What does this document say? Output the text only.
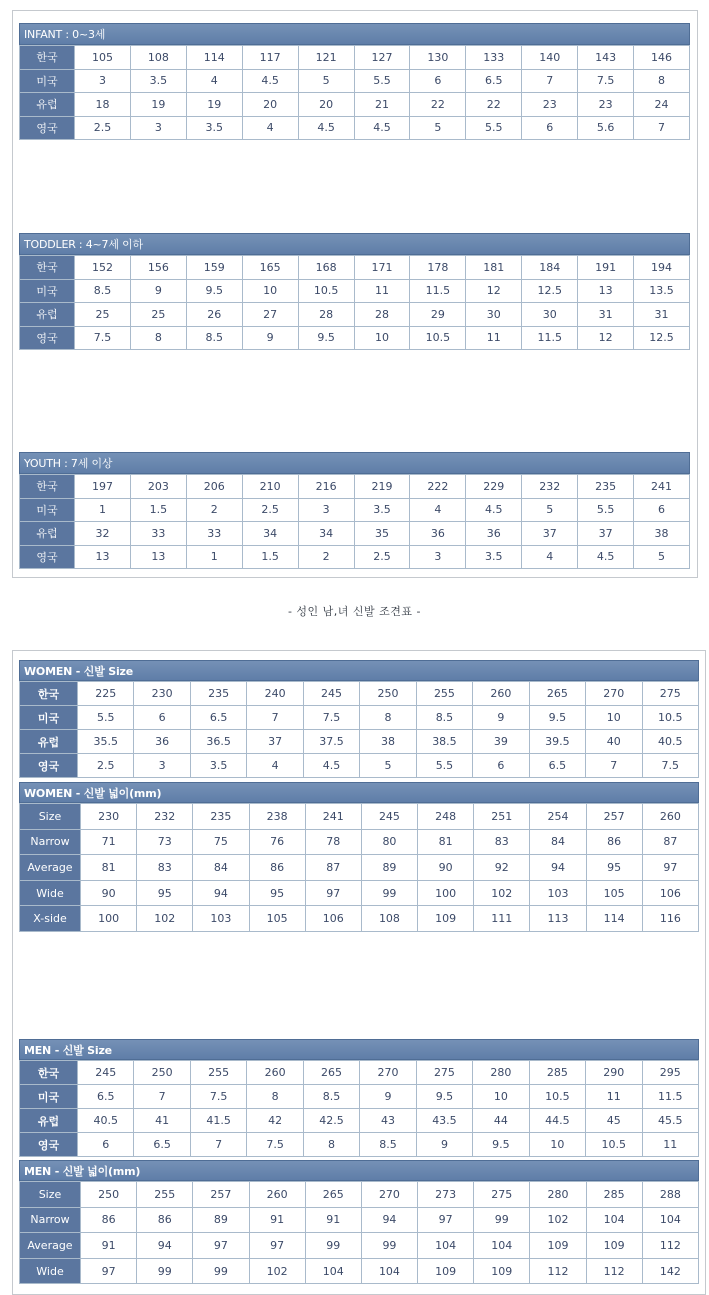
INFANT : 0~3세
한국	105	108	114	117	121	127	130	133	140	143	146
미국	3	3.5	4	4.5	5	5.5	6	6.5	7	7.5	8
유럽	18	19	19	20	20	21	22	22	23	23	24
영국	2.5	3	3.5	4	4.5	4.5	5	5.5	6	5.6	7
TODDLER : 4~7세 이하
한국	152	156	159	165	168	171	178	181	184	191	194
미국	8.5	9	9.5	10	10.5	11	11.5	12	12.5	13	13.5
유럽	25	25	26	27	28	28	29	30	30	31	31
영국	7.5	8	8.5	9	9.5	10	10.5	11	11.5	12	12.5
YOUTH : 7세 이상
한국	197	203	206	210	216	219	222	229	232	235	241
미국	1	1.5	2	2.5	3	3.5	4	4.5	5	5.5	6
유럽	32	33	33	34	34	35	36	36	37	37	38
영국	13	13	1	1.5	2	2.5	3	3.5	4	4.5	5
- 성인 남,녀 신발 조견표 -
WOMEN - 신발 Size
한국	225	230	235	240	245	250	255	260	265	270	275
미국	5.5	6	6.5	7	7.5	8	8.5	9	9.5	10	10.5
유럽	35.5	36	36.5	37	37.5	38	38.5	39	39.5	40	40.5
영국	2.5	3	3.5	4	4.5	5	5.5	6	6.5	7	7.5
WOMEN - 신발 넓이(mm)
Size	230	232	235	238	241	245	248	251	254	257	260
Narrow	71	73	75	76	78	80	81	83	84	86	87
Average	81	83	84	86	87	89	90	92	94	95	97
Wide	90	95	94	95	97	99	100	102	103	105	106
X-side	100	102	103	105	106	108	109	111	113	114	116
MEN - 신발 Size
한국	245	250	255	260	265	270	275	280	285	290	295
미국	6.5	7	7.5	8	8.5	9	9.5	10	10.5	11	11.5
유럽	40.5	41	41.5	42	42.5	43	43.5	44	44.5	45	45.5
영국	6	6.5	7	7.5	8	8.5	9	9.5	10	10.5	11
MEN - 신발 넓이(mm)
Size	250	255	257	260	265	270	273	275	280	285	288
Narrow	86	86	89	91	91	94	97	99	102	104	104
Average	91	94	97	97	99	99	104	104	109	109	112
Wide	97	99	99	102	104	104	109	109	112	112	142
